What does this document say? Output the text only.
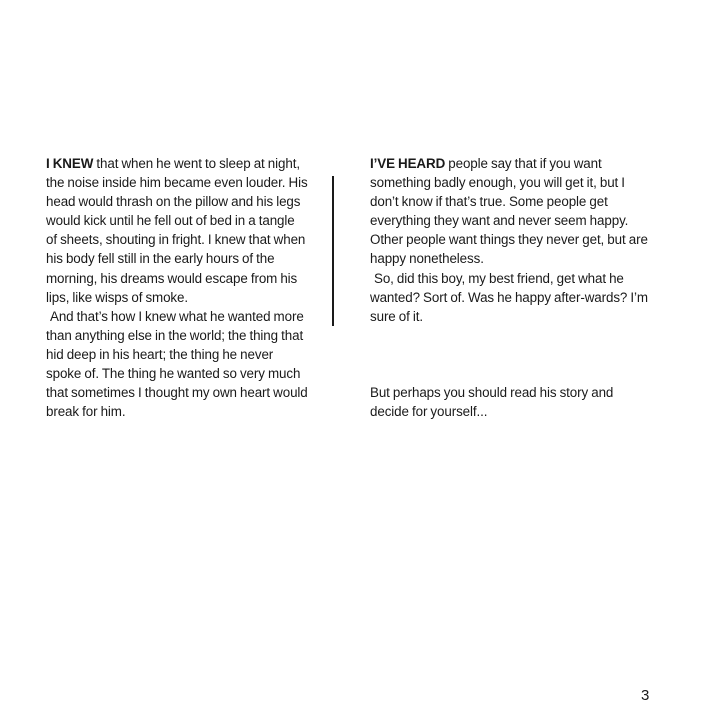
I KNEW that when he went to sleep at night, the noise inside him became even louder. His head would thrash on the pillow and his legs would kick until he fell out of bed in a tangle of sheets, shouting in fright. I knew that when his body fell still in the early hours of the morning, his dreams would escape from his lips, like wisps of smoke.

And that’s how I knew what he wanted more than anything else in the world; the thing that hid deep in his heart; the thing he never spoke of. The thing he wanted so very much that sometimes I thought my own heart would break for him.

I’VE HEARD people say that if you want something badly enough, you will get it, but I don’t know if that’s true. Some people get everything they want and never seem happy. Other people want things they never get, but are happy nonetheless.

So, did this boy, my best friend, get what he wanted? Sort of. Was he happy after-wards? I’m sure of it.

But perhaps you should read his story and decide for yourself...

3
